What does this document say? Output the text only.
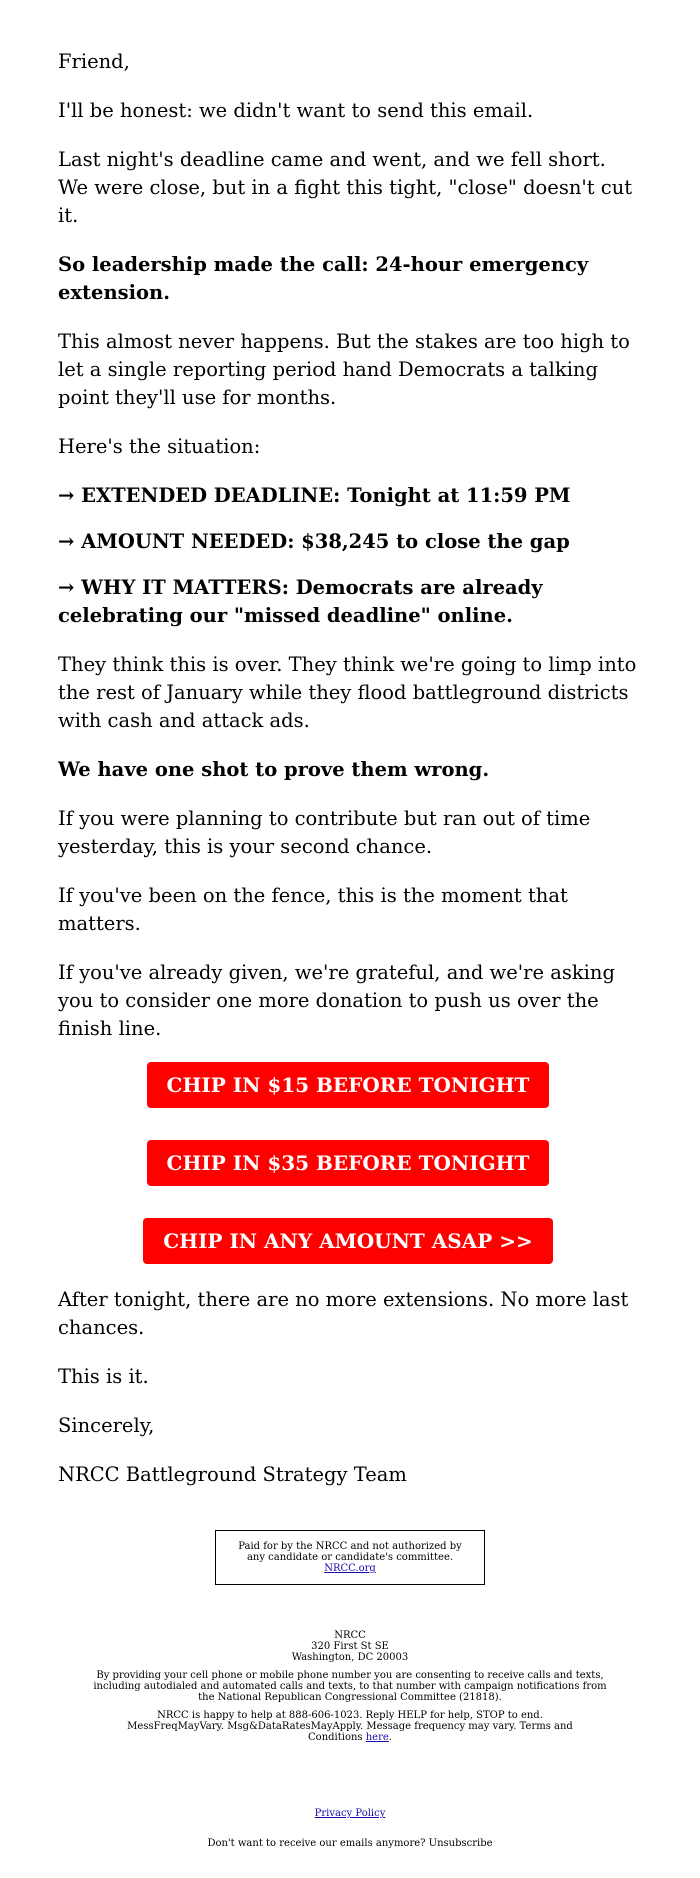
Friend,

I'll be honest: we didn't want to send this email.

Last night's deadline came and went, and we fell short. We were close, but in a fight this tight, "close" doesn't cut it.

So leadership made the call: 24-hour emergency extension.

This almost never happens. But the stakes are too high to let a single reporting period hand Democrats a talking point they'll use for months.

Here's the situation:

→ EXTENDED DEADLINE: Tonight at 11:59 PM

→ AMOUNT NEEDED: $38,245 to close the gap

→ WHY IT MATTERS: Democrats are already celebrating our "missed deadline" online.

They think this is over. They think we're going to limp into the rest of January while they flood battleground districts with cash and attack ads.

We have one shot to prove them wrong.

If you were planning to contribute but ran out of time yesterday, this is your second chance.

If you've been on the fence, this is the moment that matters.

If you've already given, we're grateful, and we're asking you to consider one more donation to push us over the finish line.

CHIP IN $15 BEFORE TONIGHT
CHIP IN $35 BEFORE TONIGHT
CHIP IN ANY AMOUNT ASAP >>

After tonight, there are no more extensions. No more last chances.

This is it.

Sincerely,

NRCC Battleground Strategy Team

Paid for by the NRCC and not authorized by any candidate or candidate's committee. NRCC.org
NRCC
320 First St SE
Washington, DC 20003
By providing your cell phone or mobile phone number you are consenting to receive calls and texts, including autodialed and automated calls and texts, to that number with campaign notifications from the National Republican Congressional Committee (21818).
NRCC is happy to help at 888-606-1023. Reply HELP for help, STOP to end. MessFreqMayVary. Msg&DataRatesMayApply. Message frequency may vary. Terms and Conditions here.
Privacy Policy
Don't want to receive our emails anymore? Unsubscribe
